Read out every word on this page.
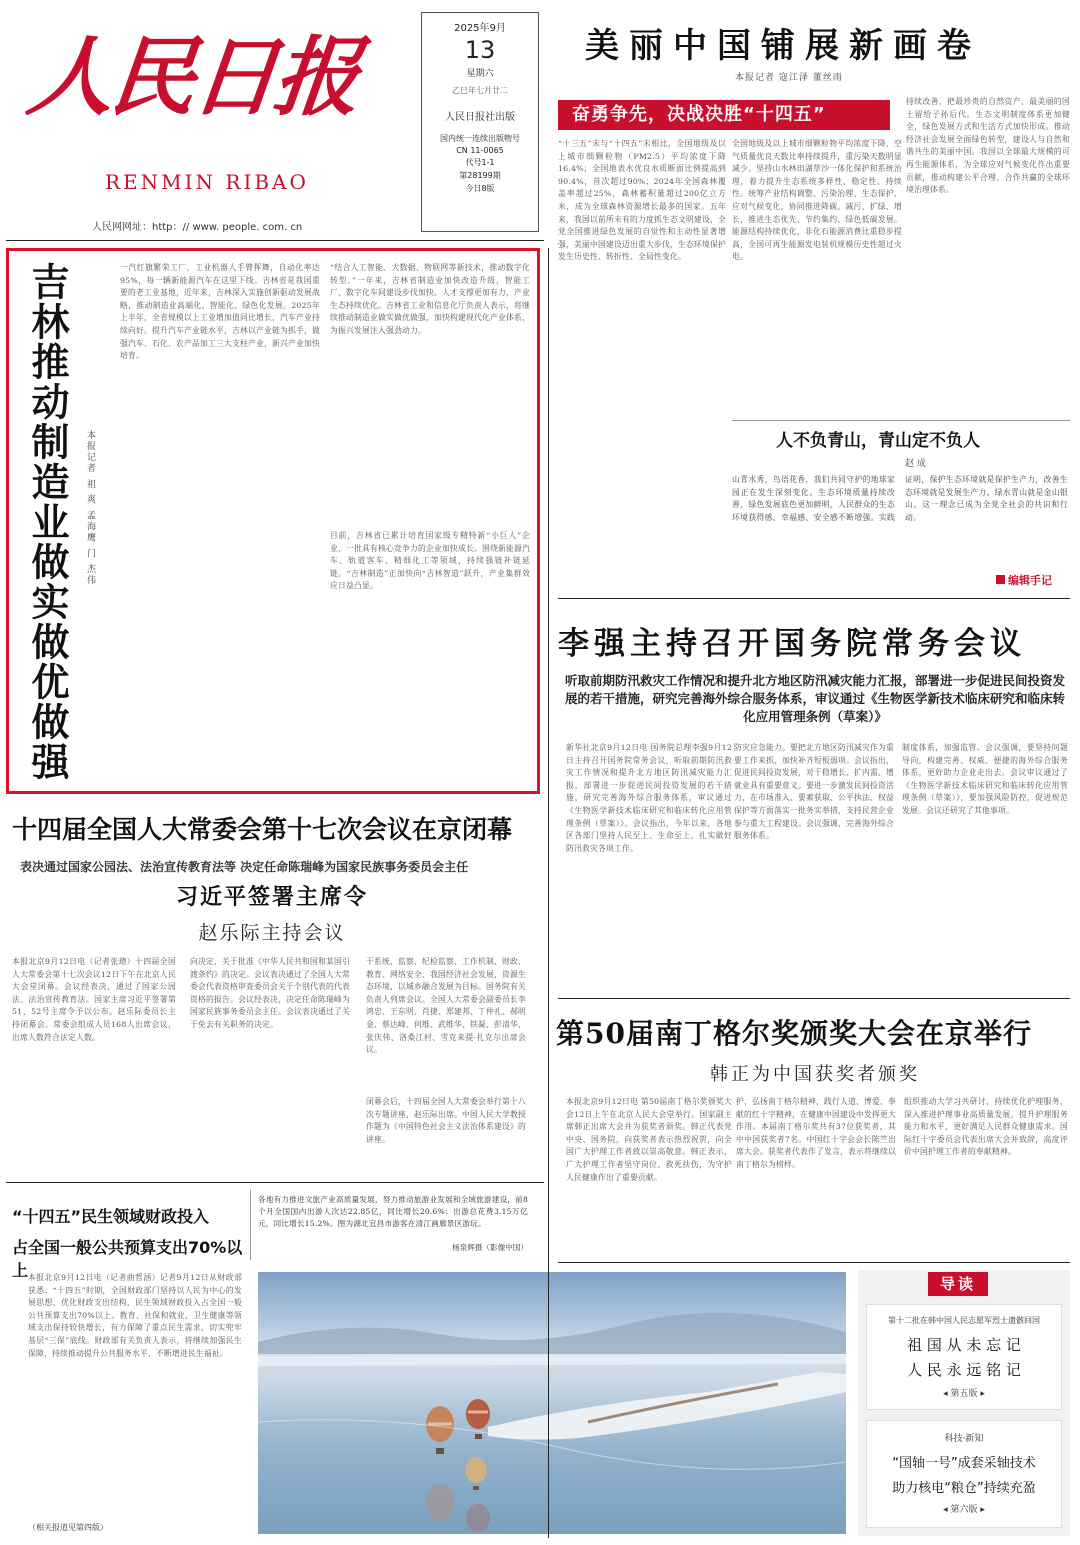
人民日报
RENMIN RIBAO
人民网网址：http：// www. people. com. cn
2025年9月
13
星期六
乙巳年七月廿二
人民日报社出版
国内统一连续出版物号
CN 11-0065
代号1-1
第28199期
今日8版
美丽中国铺展新画卷
本报记者 寇江泽 董丝雨
奋勇争先，决战决胜“十四五”
“十三五”末与“十四五”末相比，全国地级及以上城市细颗粒物（PM2.5）平均浓度下降16.4%；全国地表水优良水质断面比例提高到90.4%，首次超过90%；2024年全国森林覆盖率超过25%，森林蓄积量超过200亿立方米，成为全球森林资源增长最多的国家。五年来，我国以前所未有的力度抓生态文明建设，全党全国推进绿色发展的自觉性和主动性显著增强，美丽中国建设迈出重大步伐，生态环境保护发生历史性、转折性、全局性变化。
全国地级及以上城市细颗粒物平均浓度下降，空气质量优良天数比率持续提升，重污染天数明显减少。坚持山水林田湖草沙一体化保护和系统治理，着力提升生态系统多样性、稳定性、持续性。统筹产业结构调整、污染治理、生态保护、应对气候变化，协同推进降碳、减污、扩绿、增长，推进生态优先、节约集约、绿色低碳发展。能源结构持续优化，非化石能源消费比重稳步提高，全国可再生能源发电装机规模历史性超过火电。
持续改善，把最珍贵的自然资产、最美丽的国土留给子孙后代。生态文明制度体系更加健全，绿色发展方式和生活方式加快形成。推动经济社会发展全面绿色转型，建设人与自然和谐共生的美丽中国。我国以全球最大规模的可再生能源体系，为全球应对气候变化作出重要贡献，推动构建公平合理、合作共赢的全球环境治理体系。
人不负青山，青山定不负人
赵 成
山青水秀，鸟语花香，我们共同守护的地球家园正在发生深刻变化。生态环境质量持续改善，绿色发展底色更加鲜明，人民群众的生态环境获得感、幸福感、安全感不断增强。实践证明，保护生态环境就是保护生产力，改善生态环境就是发展生产力。绿水青山就是金山银山，这一理念已成为全党全社会的共识和行动。
编辑手记
吉林推动制造业做实做优做强 本报记者 祖 爽 孟海鹰 门 杰伟
一汽红旗繁荣工厂，工业机器人手臂挥舞，自动化率达95%，每一辆新能源汽车在这里下线。吉林省是我国重要的老工业基地，近年来，吉林深入实施创新驱动发展战略，推动制造业高端化、智能化、绿色化发展。2025年上半年，全省规模以上工业增加值同比增长，汽车产业持续向好。提升汽车产业链水平，吉林以产业链为抓手，做强汽车、石化、农产品加工三大支柱产业，新兴产业加快培育。
“结合人工智能、大数据、物联网等新技术，推动数字化转型。”一年来，吉林省制造业加快改造升级，智能工厂、数字化车间建设步伐加快。人才支撑更加有力，产业生态持续优化。吉林省工业和信息化厅负责人表示，将继续推动制造业做实做优做强，加快构建现代化产业体系，为振兴发展注入强劲动力。
目前，吉林省已累计培育国家级专精特新“小巨人”企业，一批具有核心竞争力的企业加快成长。围绕新能源汽车、轨道客车、精细化工等领域，持续强链补链延链。“吉林制造”正加快向“吉林智造”跃升，产业集群效应日益凸显。
十四届全国人大常委会第十七次会议在京闭幕
表决通过国家公园法、法治宣传教育法等 决定任命陈瑞峰为国家民族事务委员会主任
习近平签署主席令
赵乐际主持会议
本报北京9月12日电（记者张璁）十四届全国人大常委会第十七次会议12日下午在北京人民大会堂闭幕。会议经表决，通过了国家公园法、法治宣传教育法。国家主席习近平签署第51、52号主席令予以公布。赵乐际委员长主持闭幕会。常委会组成人员168人出席会议，出席人数符合法定人数。
向决定，关于批准《中华人民共和国和某国引渡条约》的决定。会议表决通过了全国人大常委会代表资格审查委员会关于个别代表的代表资格的报告。会议经表决，决定任命陈瑞峰为国家民族事务委员会主任。会议表决通过了关于免去有关职务的决定。
干系统、监察、纪检监察、工作机制、财政、教育、网络安全、我国经济社会发展，资源生态环境，以城乡融合发展为目标。国务院有关负责人列席会议。全国人大常委会副委员长李鸿忠、王东明、肖捷、郑建邦、丁仲礼、郝明金、蔡达峰、何维、武维华、铁凝、彭清华、张庆伟、洛桑江村、雪克来提·扎克尔出席会议。
闭幕会后，十四届全国人大常委会举行第十八次专题讲座，赵乐际出席。中国人民大学教授作题为《中国特色社会主义法治体系建设》的讲座。
各地有力推进文旅产业高质量发展，努力推动旅游业发展和全域旅游建设，前8个月全国国内出游人次达22.85亿，同比增长20.6%；出游总花费3.15万亿元，同比增长15.2%。图为湖北宜昌市游客在清江画廊景区游玩。
杨泉辉摄（影像中国）
“十四五”民生领域财政投入
占全国一般公共预算支出70%以上 本报北京9月12日电（记者曲哲涵）记者9月12日从财政部获悉：“十四五”时期，全国财政部门坚持以人民为中心的发展思想，优化财政支出结构，民生领域财政投入占全国一般公共预算支出70%以上。教育、社保和就业、卫生健康等领域支出保持较快增长，有力保障了重点民生需求，切实兜牢基层“三保”底线。财政部有关负责人表示，将继续加强民生保障，持续推动提升公共服务水平，不断增进民生福祉。
（相关报道见第四版）
李强主持召开国务院常务会议
听取前期防汛救灾工作情况和提升北方地区防汛减灾能力汇报，部署进一步促进民间投资发展的若干措施，研究完善海外综合服务体系，审议通过《生物医学新技术临床研究和临床转化应用管理条例（草案）》
新华社北京9月12日电 国务院总理李强9月12日主持召开国务院常务会议，听取前期防汛救灾工作情况和提升北方地区防汛减灾能力汇报，部署进一步促进民间投资发展的若干措施，研究完善海外综合服务体系，审议通过《生物医学新技术临床研究和临床转化应用管理条例（草案）》。会议指出，今年以来，各地区各部门坚持人民至上、生命至上，扎实做好防汛救灾各项工作。
防灾应急能力。要把北方地区防汛减灾作为重要工作来抓，加快补齐短板弱项。会议指出，促进民间投资发展，对于稳增长、扩内需、增就业具有重要意义。要进一步激发民间投资活力，在市场准入、要素获取、公平执法、权益保护等方面落实一批务实举措，支持民营企业参与重大工程建设。会议强调，完善海外综合服务体系。
制度体系，加强监管。会议强调，要坚持问题导向，构建完善、权威、便捷的海外综合服务体系，更好助力企业走出去。会议审议通过了《生物医学新技术临床研究和临床转化应用管理条例（草案）》，要加强风险防控，促进规范发展。会议还研究了其他事项。
第50届南丁格尔奖颁奖大会在京举行
韩正为中国获奖者颁奖
本报北京9月12日电 第50届南丁格尔奖颁奖大会12日上午在北京人民大会堂举行。国家副主席韩正出席大会并为获奖者颁奖。韩正代表党中央、国务院，向获奖者表示热烈祝贺，向全国广大护理工作者致以崇高敬意。韩正表示，广大护理工作者坚守岗位、救死扶伤，为守护人民健康作出了重要贡献。
护，弘扬南丁格尔精神，践行人道、博爱、奉献的红十字精神，在健康中国建设中发挥更大作用。本届南丁格尔奖共有37位获奖者，其中中国获奖者7名。中国红十字会会长陈竺出席大会。获奖者代表作了发言，表示将继续以南丁格尔为榜样。
组织推动大学习共研讨，持续优化护理服务，深入推进护理事业高质量发展，提升护理服务能力和水平，更好满足人民群众健康需求。国际红十字委员会代表出席大会并致辞，高度评价中国护理工作者的奉献精神。
导读
第十二批在韩中国人民志愿军烈士遗骸回国
祖 国 从 未 忘 记
人 民 永 远 铭 记
◂ 第五版 ▸
科技·新知
“国轴一号”成套采轴技术
助力核电“粮仓”持续充盈
◂ 第六版 ▸
